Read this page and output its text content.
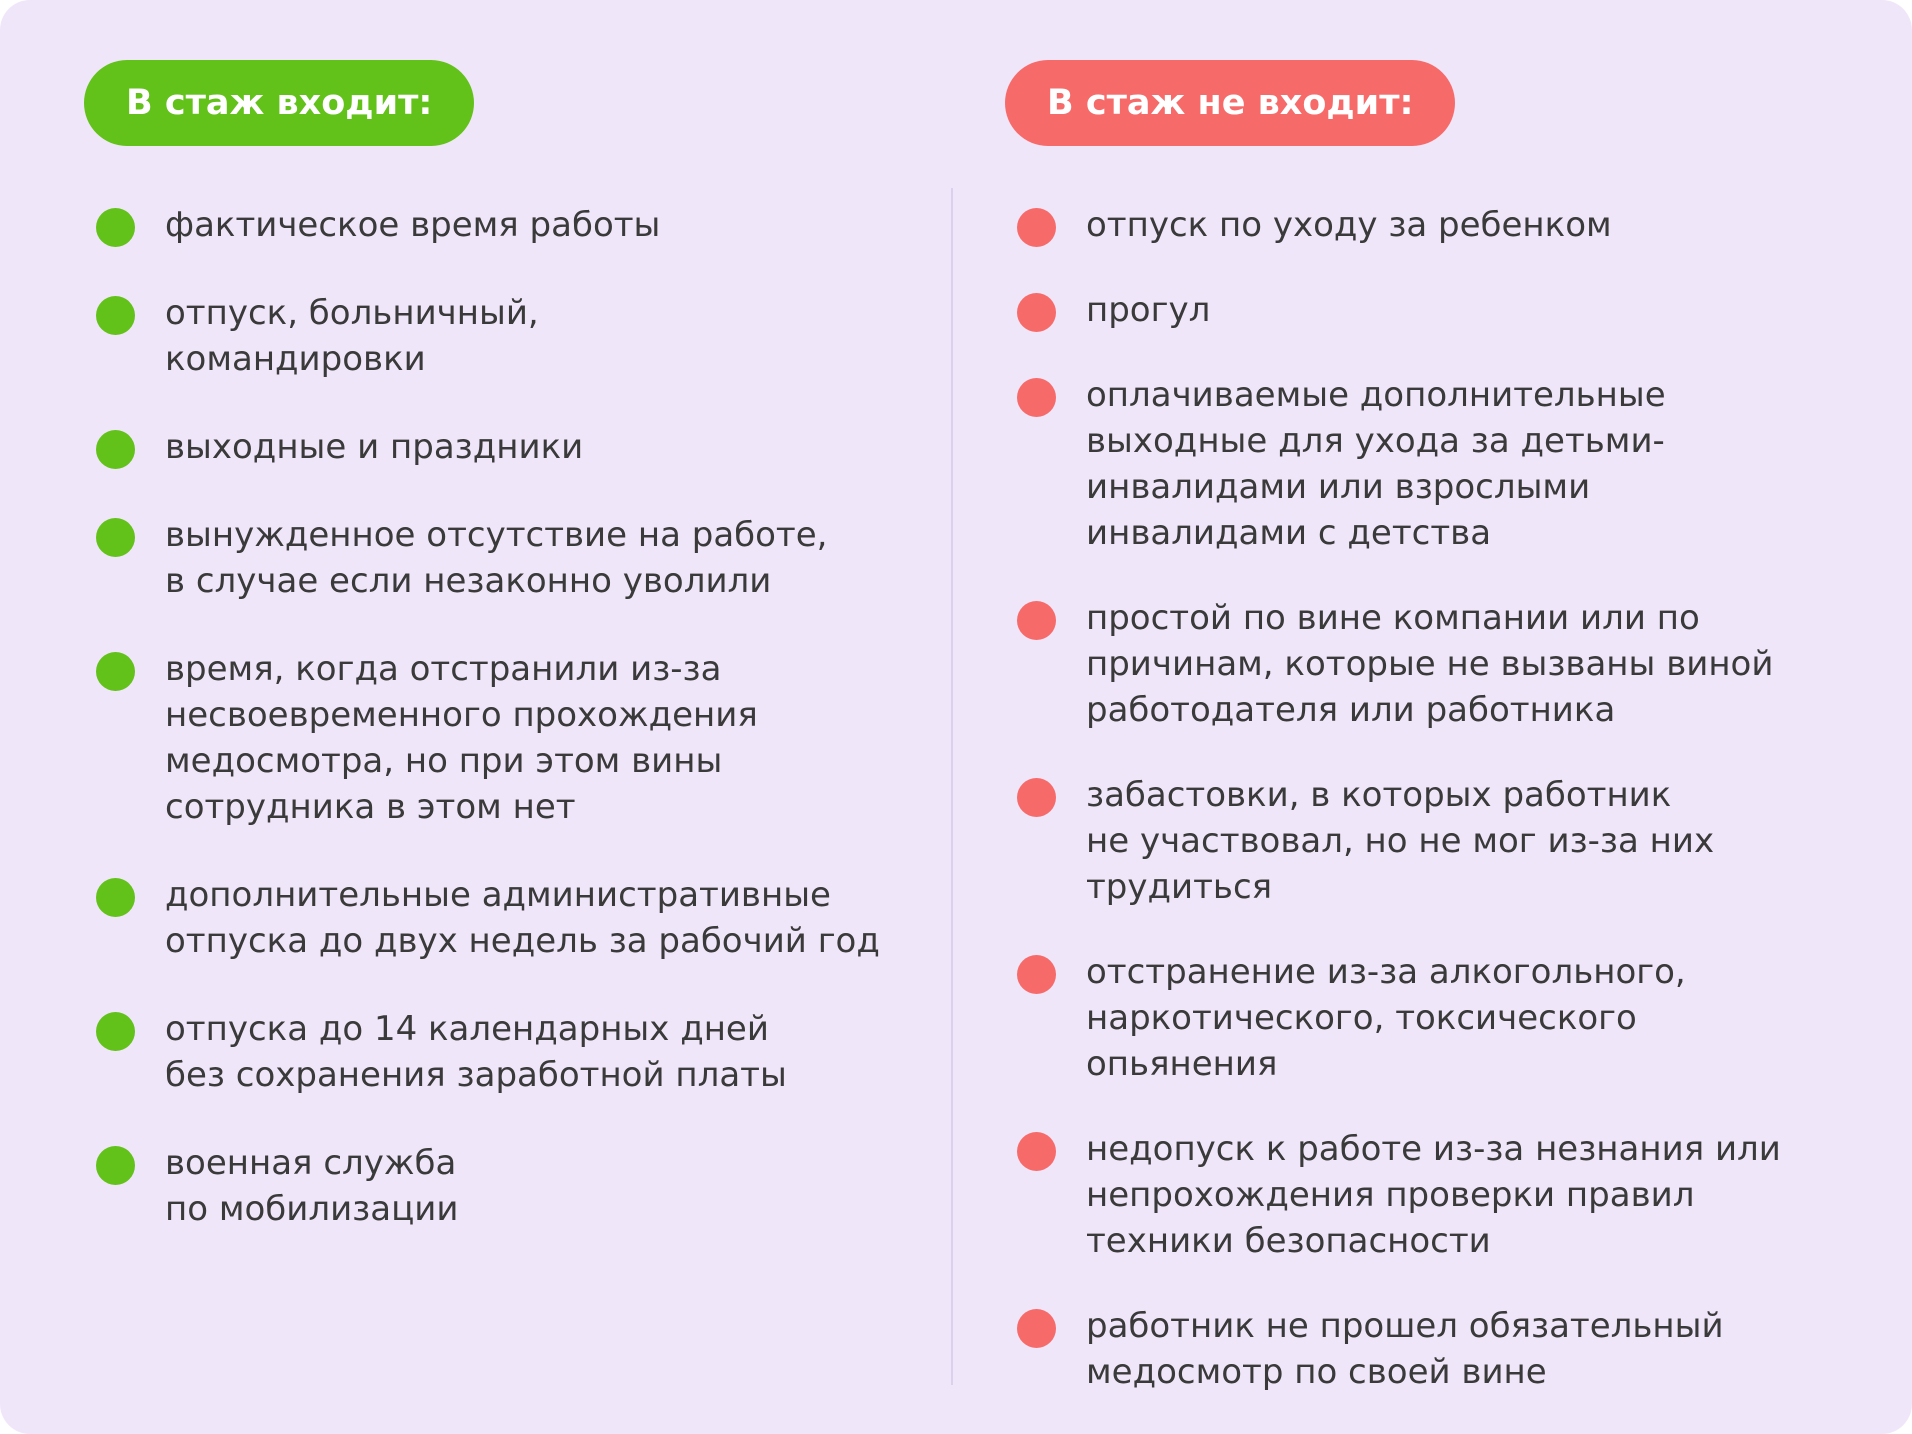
В стаж входит:
фактическое время работы
отпуск, больничный,
командировки
выходные и праздники
вынужденное отсутствие на работе,
в случае если незаконно уволили
время, когда отстранили из-за
несвоевременного прохождения
медосмотра, но при этом вины
сотрудника в этом нет
дополнительные административные
отпуска до двух недель за рабочий год
отпуска до 14 календарных дней
без сохранения заработной платы
военная служба
по мобилизации
В стаж не входит:
отпуск по уходу за ребенком
прогул
оплачиваемые дополнительные
выходные для ухода за детьми-
инвалидами или взрослыми
инвалидами с детства
простой по вине компании или по
причинам, которые не вызваны виной
работодателя или работника
забастовки, в которых работник
не участвовал, но не мог из-за них
трудиться
отстранение из-за алкогольного,
наркотического, токсического
опьянения
недопуск к работе из-за незнания или
непрохождения проверки правил
техники безопасности
работник не прошел обязательный
медосмотр по своей вине
